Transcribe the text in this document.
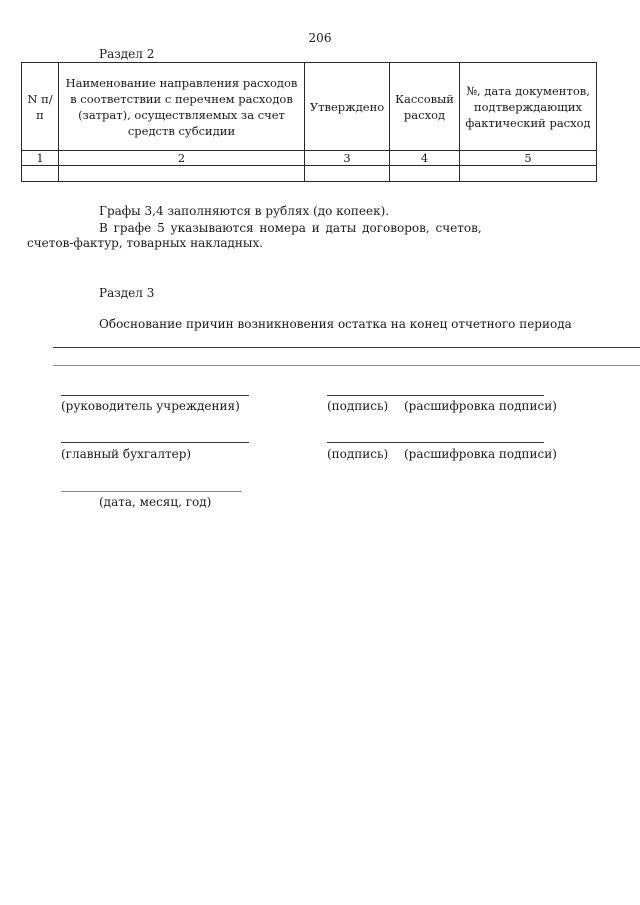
206
Раздел 2
N п/п	Наименование направления расходов в соответствии с перечнем расходов (затрат), осуществляемых за счет средств субсидии	Утверждено	Кассовый расход	№, дата документов, подтверждающих фактический расход
1	2	3	4	5

Графы 3,4 заполняются в рублях (до копеек).
В графе 5 указываются номера и даты договоров, счетов,
счетов-фактур, товарных накладных.
Раздел 3
Обоснование причин возникновения остатка на конец отчетного периода
(руководитель учреждения)	(подпись) (расшифровка подписи)
(главный бухгалтер)	(подпись) (расшифровка подписи)
(дата, месяц, год)
